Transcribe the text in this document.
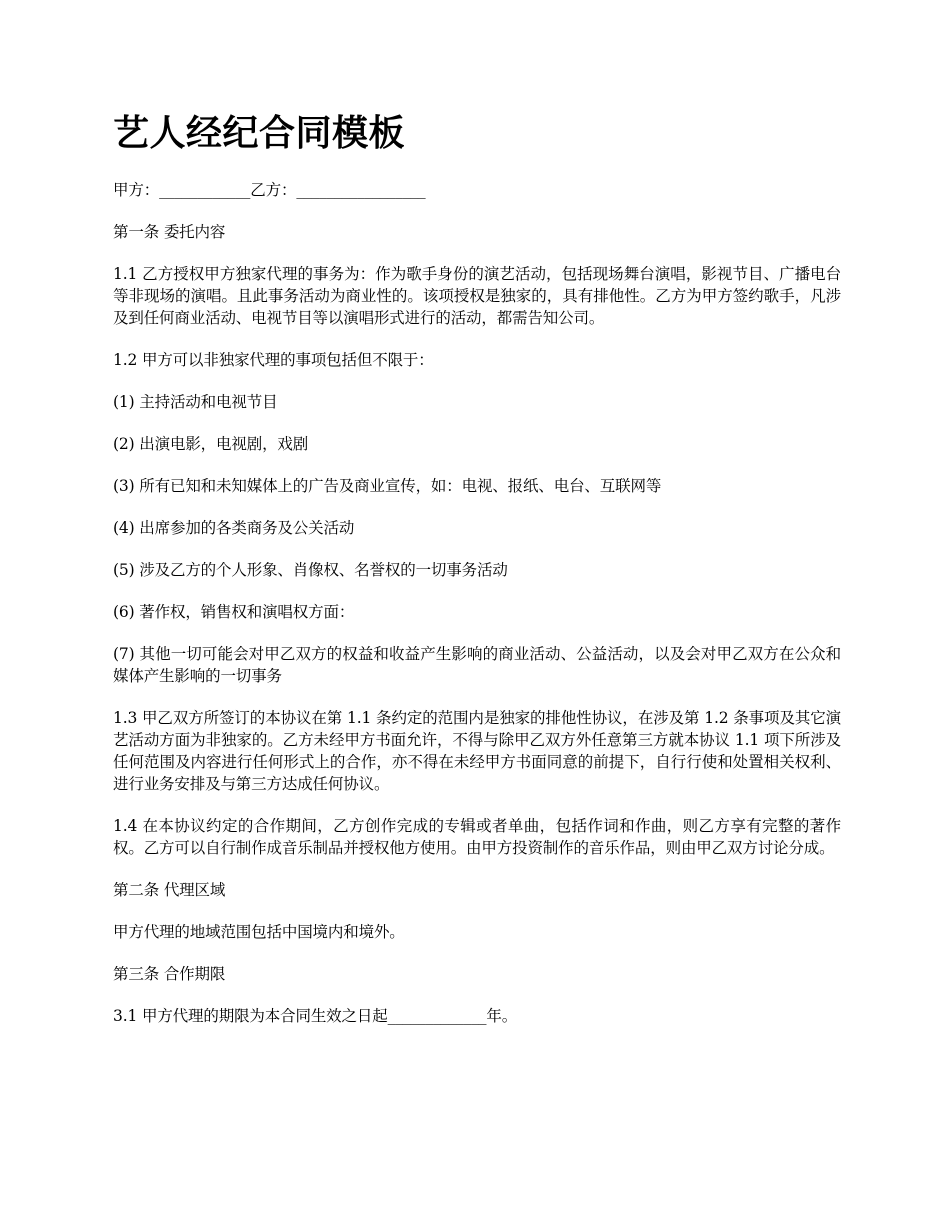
艺人经纪合同模板

甲方：____________乙方：_________________

第一条 委托内容

1.1 乙方授权甲方独家代理的事务为：作为歌手身份的演艺活动，包括现场舞台演唱，影视节目、广播电台等非现场的演唱。且此事务活动为商业性的。该项授权是独家的，具有排他性。乙方为甲方签约歌手，凡涉及到任何商业活动、电视节目等以演唱形式进行的活动，都需告知公司。

1.2 甲方可以非独家代理的事项包括但不限于：

(1) 主持活动和电视节目

(2) 出演电影，电视剧，戏剧

(3) 所有已知和未知媒体上的广告及商业宣传，如：电视、报纸、电台、互联网等

(4) 出席参加的各类商务及公关活动

(5) 涉及乙方的个人形象、肖像权、名誉权的一切事务活动

(6) 著作权，销售权和演唱权方面：

(7) 其他一切可能会对甲乙双方的权益和收益产生影响的商业活动、公益活动，以及会对甲乙双方在公众和媒体产生影响的一切事务

1.3 甲乙双方所签订的本协议在第 1.1 条约定的范围内是独家的排他性协议，在涉及第 1.2 条事项及其它演艺活动方面为非独家的。乙方未经甲方书面允许，不得与除甲乙双方外任意第三方就本协议 1.1 项下所涉及任何范围及内容进行任何形式上的合作，亦不得在未经甲方书面同意的前提下，自行行使和处置相关权利、进行业务安排及与第三方达成任何协议。

1.4 在本协议约定的合作期间，乙方创作完成的专辑或者单曲，包括作词和作曲，则乙方享有完整的著作权。乙方可以自行制作成音乐制品并授权他方使用。由甲方投资制作的音乐作品，则由甲乙双方讨论分成。

第二条 代理区域

甲方代理的地域范围包括中国境内和境外。

第三条 合作期限

3.1 甲方代理的期限为本合同生效之日起_____________年。
